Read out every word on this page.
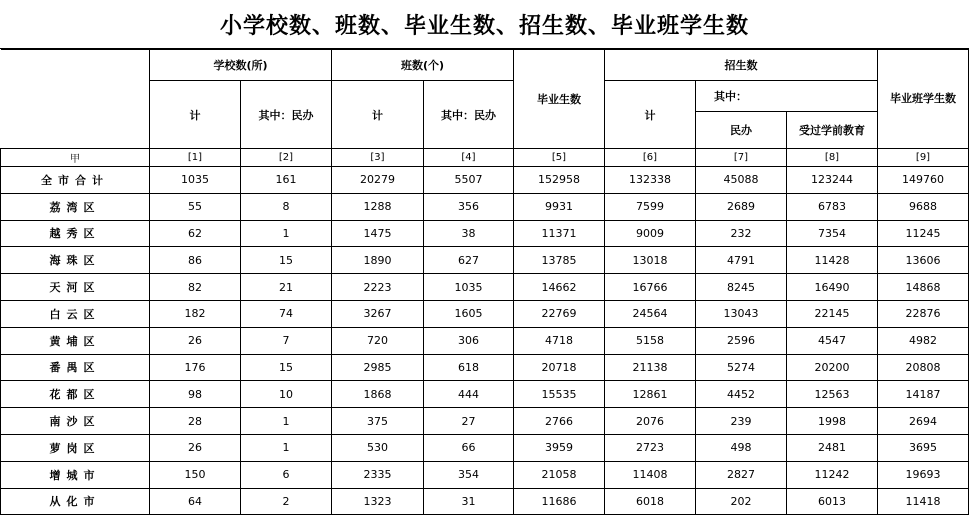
小学校数、班数、毕业生数、招生数、毕业班学生数
	学校数(所)		班数(个)		毕业生数	招生数			毕业班学生数
	计	其中：民办	计	其中：民办		计	其中：		
							民办	受过学前教育	
甲	[1]	[2]	[3]	[4]	[5]	[6]	[7]	[8]	[9]
全市合计	1035	161	20279	5507	152958	132338	45088	123244	149760
荔湾区	55	8	1288	356	9931	7599	2689	6783	9688
越秀区	62	1	1475	38	11371	9009	232	7354	11245
海珠区	86	15	1890	627	13785	13018	4791	11428	13606
天河区	82	21	2223	1035	14662	16766	8245	16490	14868
白云区	182	74	3267	1605	22769	24564	13043	22145	22876
黄埔区	26	7	720	306	4718	5158	2596	4547	4982
番禺区	176	15	2985	618	20718	21138	5274	20200	20808
花都区	98	10	1868	444	15535	12861	4452	12563	14187
南沙区	28	1	375	27	2766	2076	239	1998	2694
萝岗区	26	1	530	66	3959	2723	498	2481	3695
增城市	150	6	2335	354	21058	11408	2827	11242	19693
从化市	64	2	1323	31	11686	6018	202	6013	11418
